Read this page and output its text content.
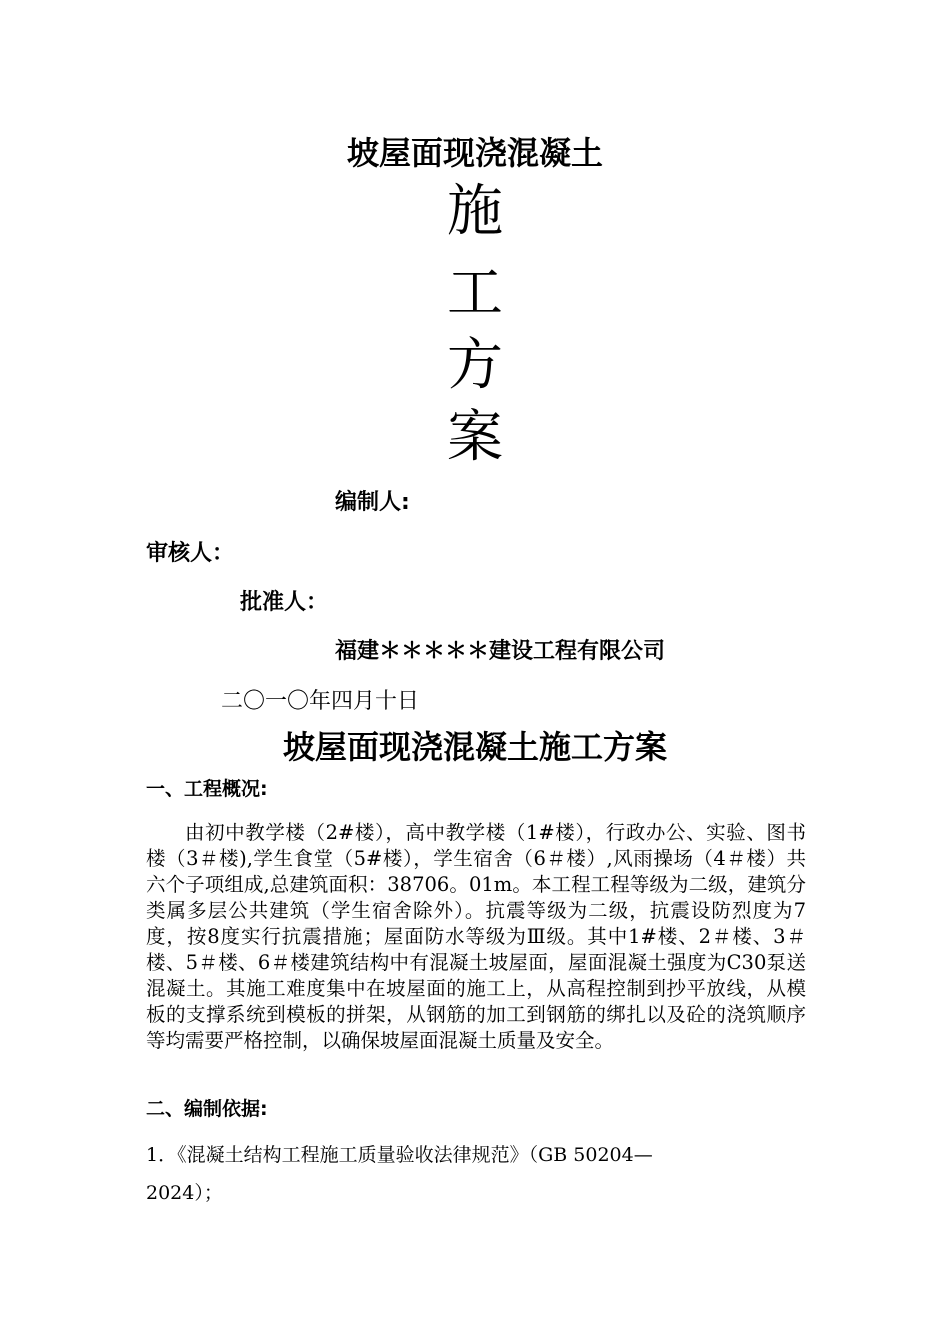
坡屋面现浇混凝土
施
工
方
案
编制人:
审核人：
批准人：
福建＊＊＊＊＊建设工程有限公司
二〇一〇年四月十日
坡屋面现浇混凝土施工方案
一、工程概况:
由初中教学楼（2#楼），高中教学楼（1#楼），行政办公、实验、图书楼（3＃楼),学生食堂（5#楼），学生宿舍（6＃楼）,风雨操场（4＃楼）共六个子项组成,总建筑面积：38706。01m。本工程工程等级为二级，建筑分类属多层公共建筑（学生宿舍除外）。抗震等级为二级，抗震设防烈度为7度，按8度实行抗震措施；屋面防水等级为Ⅲ级。其中1#楼、2＃楼、3＃楼、5＃楼、6＃楼建筑结构中有混凝土坡屋面，屋面混凝土强度为C30泵送混凝土。其施工难度集中在坡屋面的施工上，从高程控制到抄平放线，从模板的支撑系统到模板的拼架，从钢筋的加工到钢筋的绑扎以及砼的浇筑顺序等均需要严格控制，以确保坡屋面混凝土质量及安全。
二、编制依据:
1．《混凝土结构工程施工质量验收法律规范》（GB 50204—
2024）；
